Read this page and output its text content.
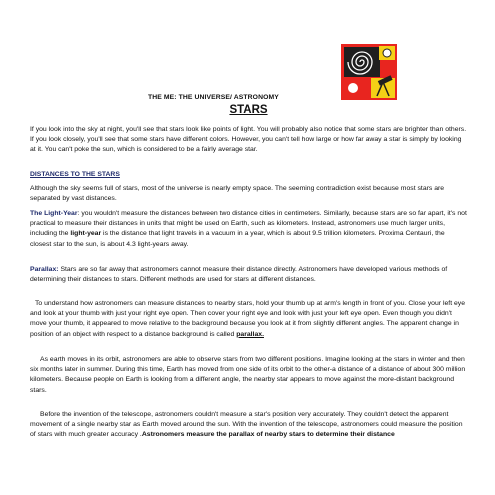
THE ME: THE UNIVERSE/ ASTRONOMY
STARS

If you look into the sky at night, you'll see that stars look like points of light. You will probably also notice that some stars are brighter than others. If you look closely, you'll see that some stars have different colors. However, you can't tell how large or how far away a star is simply by looking at it. You can't poke the sun, which is considered to be a fairly average star.

DISTANCES TO THE STARS

Although the sky seems full of stars, most of the universe is nearly empty space. The seeming contradiction exist because most stars are separated by vast distances.

The Light-Year: you wouldn't measure the distances between two distance cities in centimeters. Similarly, because stars are so far apart, it's not practical to measure their distances in units that might be used on Earth, such as kilometers. Instead, astronomers use much larger units, including the light-year is the distance that light travels in a vacuum in a year, which is about 9.5 trillion kilometers. Proxima Centauri, the closest star to the sun, is about 4.3 light-years away.

Parallax: Stars are so far away that astronomers cannot measure their distance directly. Astronomers have developed various methods of determining their distances to stars. Different methods are used for stars at different distances.

To understand how astronomers can measure distances to nearby stars, hold your thumb up at arm's length in front of you. Close your left eye and look at your thumb with just your right eye open. Then cover your right eye and look with just your left eye open. Even though you didn't move your thumb, it appeared to move relative to the background because you look at it from slightly different angles. The apparent change in position of an object with respect to a distance background is called parallax.

As earth moves in its orbit, astronomers are able to observe stars from two different positions. Imagine looking at the stars in winter and then six months later in summer. During this time, Earth has moved from one side of its orbit to the other-a distance of a distance of about 300 million kilometers. Because people on Earth is looking from a different angle, the nearby star appears to move against the more-distant background stars.

Before the invention of the telescope, astronomers couldn't measure a star's position very accurately. They couldn't detect the apparent movement of a single nearby star as Earth moved around the sun. With the invention of the telescope, astronomers could measure the position of stars with much greater accuracy .Astronomers measure the parallax of nearby stars to determine their distance
